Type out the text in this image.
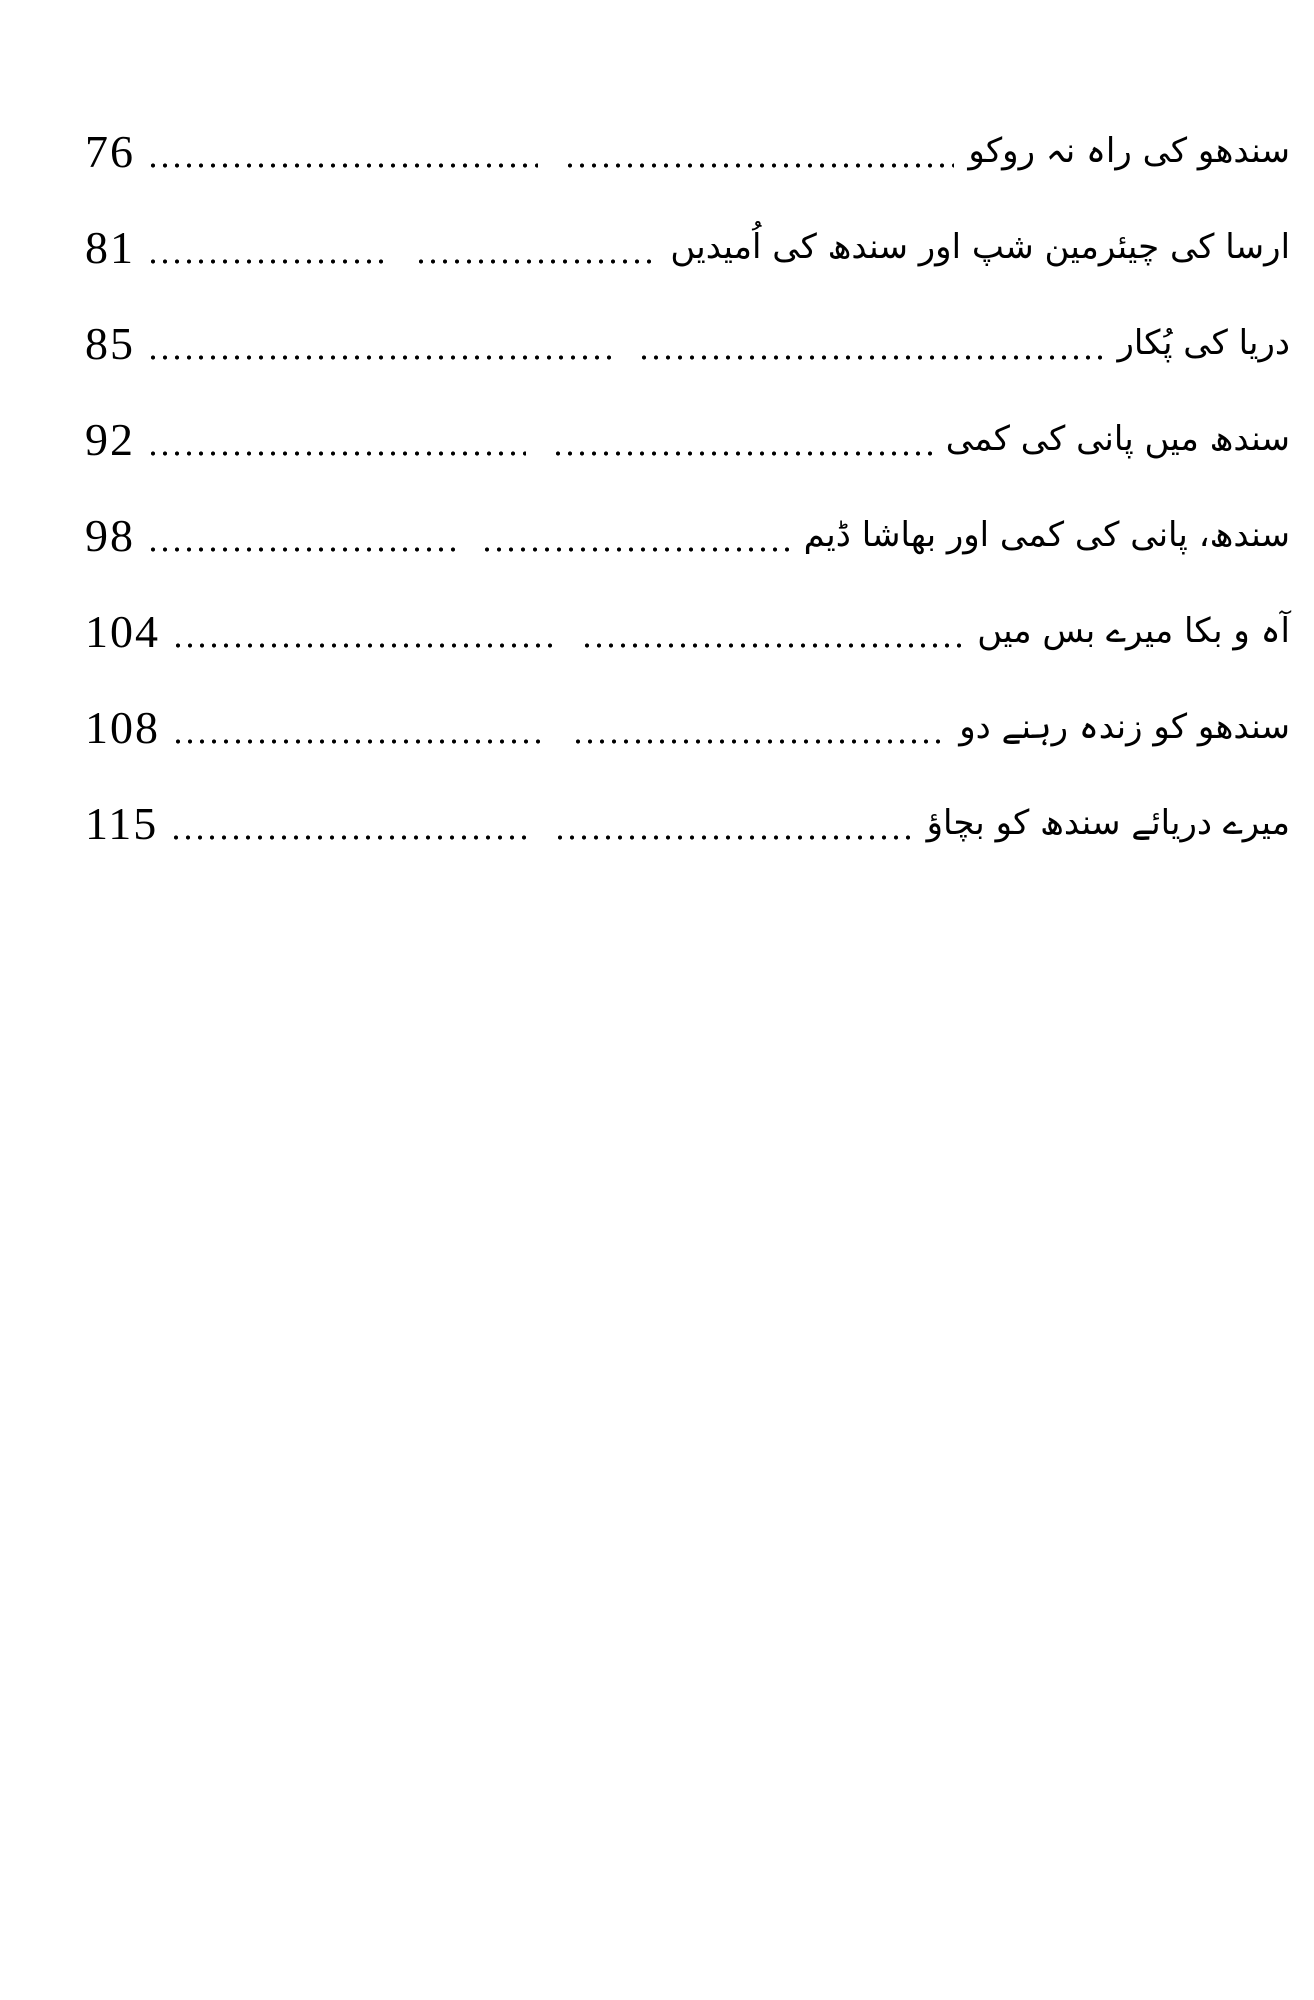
76	سندھو کی راہ نہ روکو
81	ارسا کی چیئرمین شپ اور سندھ کی اُمیدیں
85	دریا کی پُکار
92	سندھ میں پانی کی کمی
98	سندھ، پانی کی کمی اور بھاشا ڈیم
104	آہ و بکا میرے بس میں
108	سندھو کو زندہ رہنے دو
115	میرے دریائے سندھ کو بچاؤ
